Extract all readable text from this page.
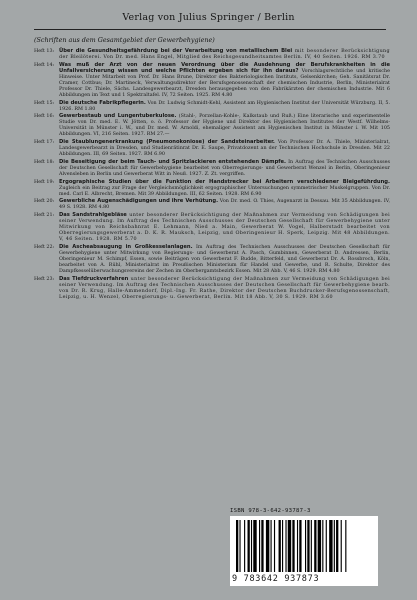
Verlag von Julius Springer / Berlin
(Schriften aus dem Gesamtgebiet der Gewerbehygiene)
Heft 13: Über die Gesundheitsgefährdung bei der Verarbeitung von metallischem Blei mit besonderer Berücksichtigung der Bleilöterei. Von Dr. med. Hans Engel, Mitglied des Reichsgesundheitsamtes Berlin. IV, 40 Seiten. 1926. RM 3.70
Heft 14: Was muß der Arzt von der neuen Verordnung über die Ausdehnung der Berufskrankheiten in die Unfallversicherung wissen und welche Pflichten ergeben sich für ihn daraus? Vorschlagsrechtliche und kritische Hinweise. Unter Mitarbeit von Prof. Dr. Hans Brune, Direktor des Bakteriologischen Instituts, Gelsenkirchen; Geh. Sanitätsrat Dr. Cramer, Cottbus; Dr. Martineck, Verwaltungsdirektor der Berufsgenossenschaft der chemischen Industrie, Berlin, Ministerialrat Professor Dr. Thiele, Sächs. Landesgewerbearzt, Dresden herausgegeben von den Fabrikärzten der chemischen Industrie. Mit 6 Abbildungen im Text und 1 Spektraltafel. IV, 72 Seiten. 1925. RM 4.80
Heft 15: Die deutsche Fabrikpflegerin. Von Dr. Ludwig Schmidt-Kehl, Assistent am Hygienischen Institut der Universität Würzburg. II, 5. 1926. RM 1.80
Heft 16: Gewerbestaub und Lungentuberkulose. (Stahl-, Porzellan-Kohle-, Kalkstaub und Ruß.) Eine literarische und experimentelle Studie von Dr. med. E. W. Jötten, o. ö. Professor der Hygiene und Direktor des Hygienischen Institutes der Westf. Wilhelms-Universität in Münster i. W., und Dr. med. W. Arnoldi, ehemaliger Assistent am Hygienischen Institut in Münster i. W. Mit 105 Abbildungen. VI, 216 Seiten. 1927. RM 27.—
Heft 17: Die Staublungenerkrankung (Pneumonokoniose) der Sandsteinarbeiter. Von Professor Dr. A. Thiele, Ministerialrat, Landesgewerbearzt in Dresden, und Studienrätinrat Dr. E. Saupe, Privatdozent an der Technischen Hochschule in Dresden. Mit 22 Abbildungen. III, 69 Seiten. 1927. RM 6.90
Heft 18: Die Beseitigung der beim Tauch- und Spritzlackieren entstehenden Dämpfe. In Auftrag des Technischen Ausschusses der Deutschen Gesellschaft für Gewerbehygiene bearbeitet von Oberregierungs- und Gewerberat Wenzel in Berlin, Oberingenieur Alvensleben in Berlin und Gewerberat Witt in Neuß. 1927. Z. Zt. vergriffen.
Heft 19: Ergographische Studien über die Funktion der Handstrecker bei Arbeitern verschiedener Bleigeführdung. Zugleich ein Beitrag zur Frage der Vergleichsmöglichkeit ergographischer Untersuchungen symmetrischer Muskelgruppen. Von Dr. med. Carl E. Albrecht, Bremen. Mit 39 Abbildungen. III, 62 Seiten. 1928. RM 6.90
Heft 20: Gewerbliche Augenschädigungen und ihre Verhütung. Von Dr. med. O. Thies, Augenarzt in Dessau. Mit 35 Abbildungen. IV, 49 S. 1928. RM 4.80
Heft 21: Das Sandstrahlgebläse unter besonderer Berücksichtigung der Maßnahmen zur Vermeidung von Schädigungen bei seiner Verwendung. Im Auftrag des Technischen Ausschusses der Deutschen Gesellschaft für Gewerbehygiene unter Mitwirkung von Reichsbahnrat E. Lehmann, Nied a. Main, Gewerberat W. Vogel, Halberstadt bearbeitet von Oberregierungsgewerberat a. D. K. R. Mauksch, Leipzig, und Oberingenieur H. Sperk, Leipzig. Mit 48 Abbildungen. V, 46 Seiten. 1928. RM 5.70
Heft 22: Die Ascheabsaugung in Großkesselanlagen. Im Auftrag des Technischen Ausschusses der Deutschen Gesellschaft für Gewerbehygiene unter Mitwirkung von Regierungs- und Gewerberat A. Pasch, Gumbinnen, Gewerberat D. Andressen, Berlin, Oberingenieur M. Schimpf, Essen, sowie Beiträgen von Gewerberat F. Budde, Bitterfeld, und Gewerberat Dr. A. Rossbroch, Köln, bearbeitet von A. Rühl, Ministerialrat im Preußischen Ministerium für Handel und Gewerbe, und R. Schulte, Direktor des Dampfkesselüberwachungsvereins der Zechen im Oberbergamtsbezirk Essen. Mit 28 Abb. V, 46 S. 1929. RM 4.80
Heft 23: Das Tiefdruckverfahren unter besonderer Berücksichtigung der Maßnahmen zur Vermeidung von Schädigungen bei seiner Verwendung. Im Auftrag des Technischen Ausschusses der Deutschen Gesellschaft für Gewerbehygiene bearb. von Dr. R. Krug, Halle-Ammendorf, Dipl.-Ing. Fr. Rathe, Direktor der Deutschen Buchdrucker-Berufsgenossenschaft, Leipzig, u. H. Wenzel, Oberregierungs- u. Gewerberat, Berlin. Mit 18 Abb. V, 30 S. 1929. RM 3.60
ISBN 978-3-642-93787-3
9 783642 937873
